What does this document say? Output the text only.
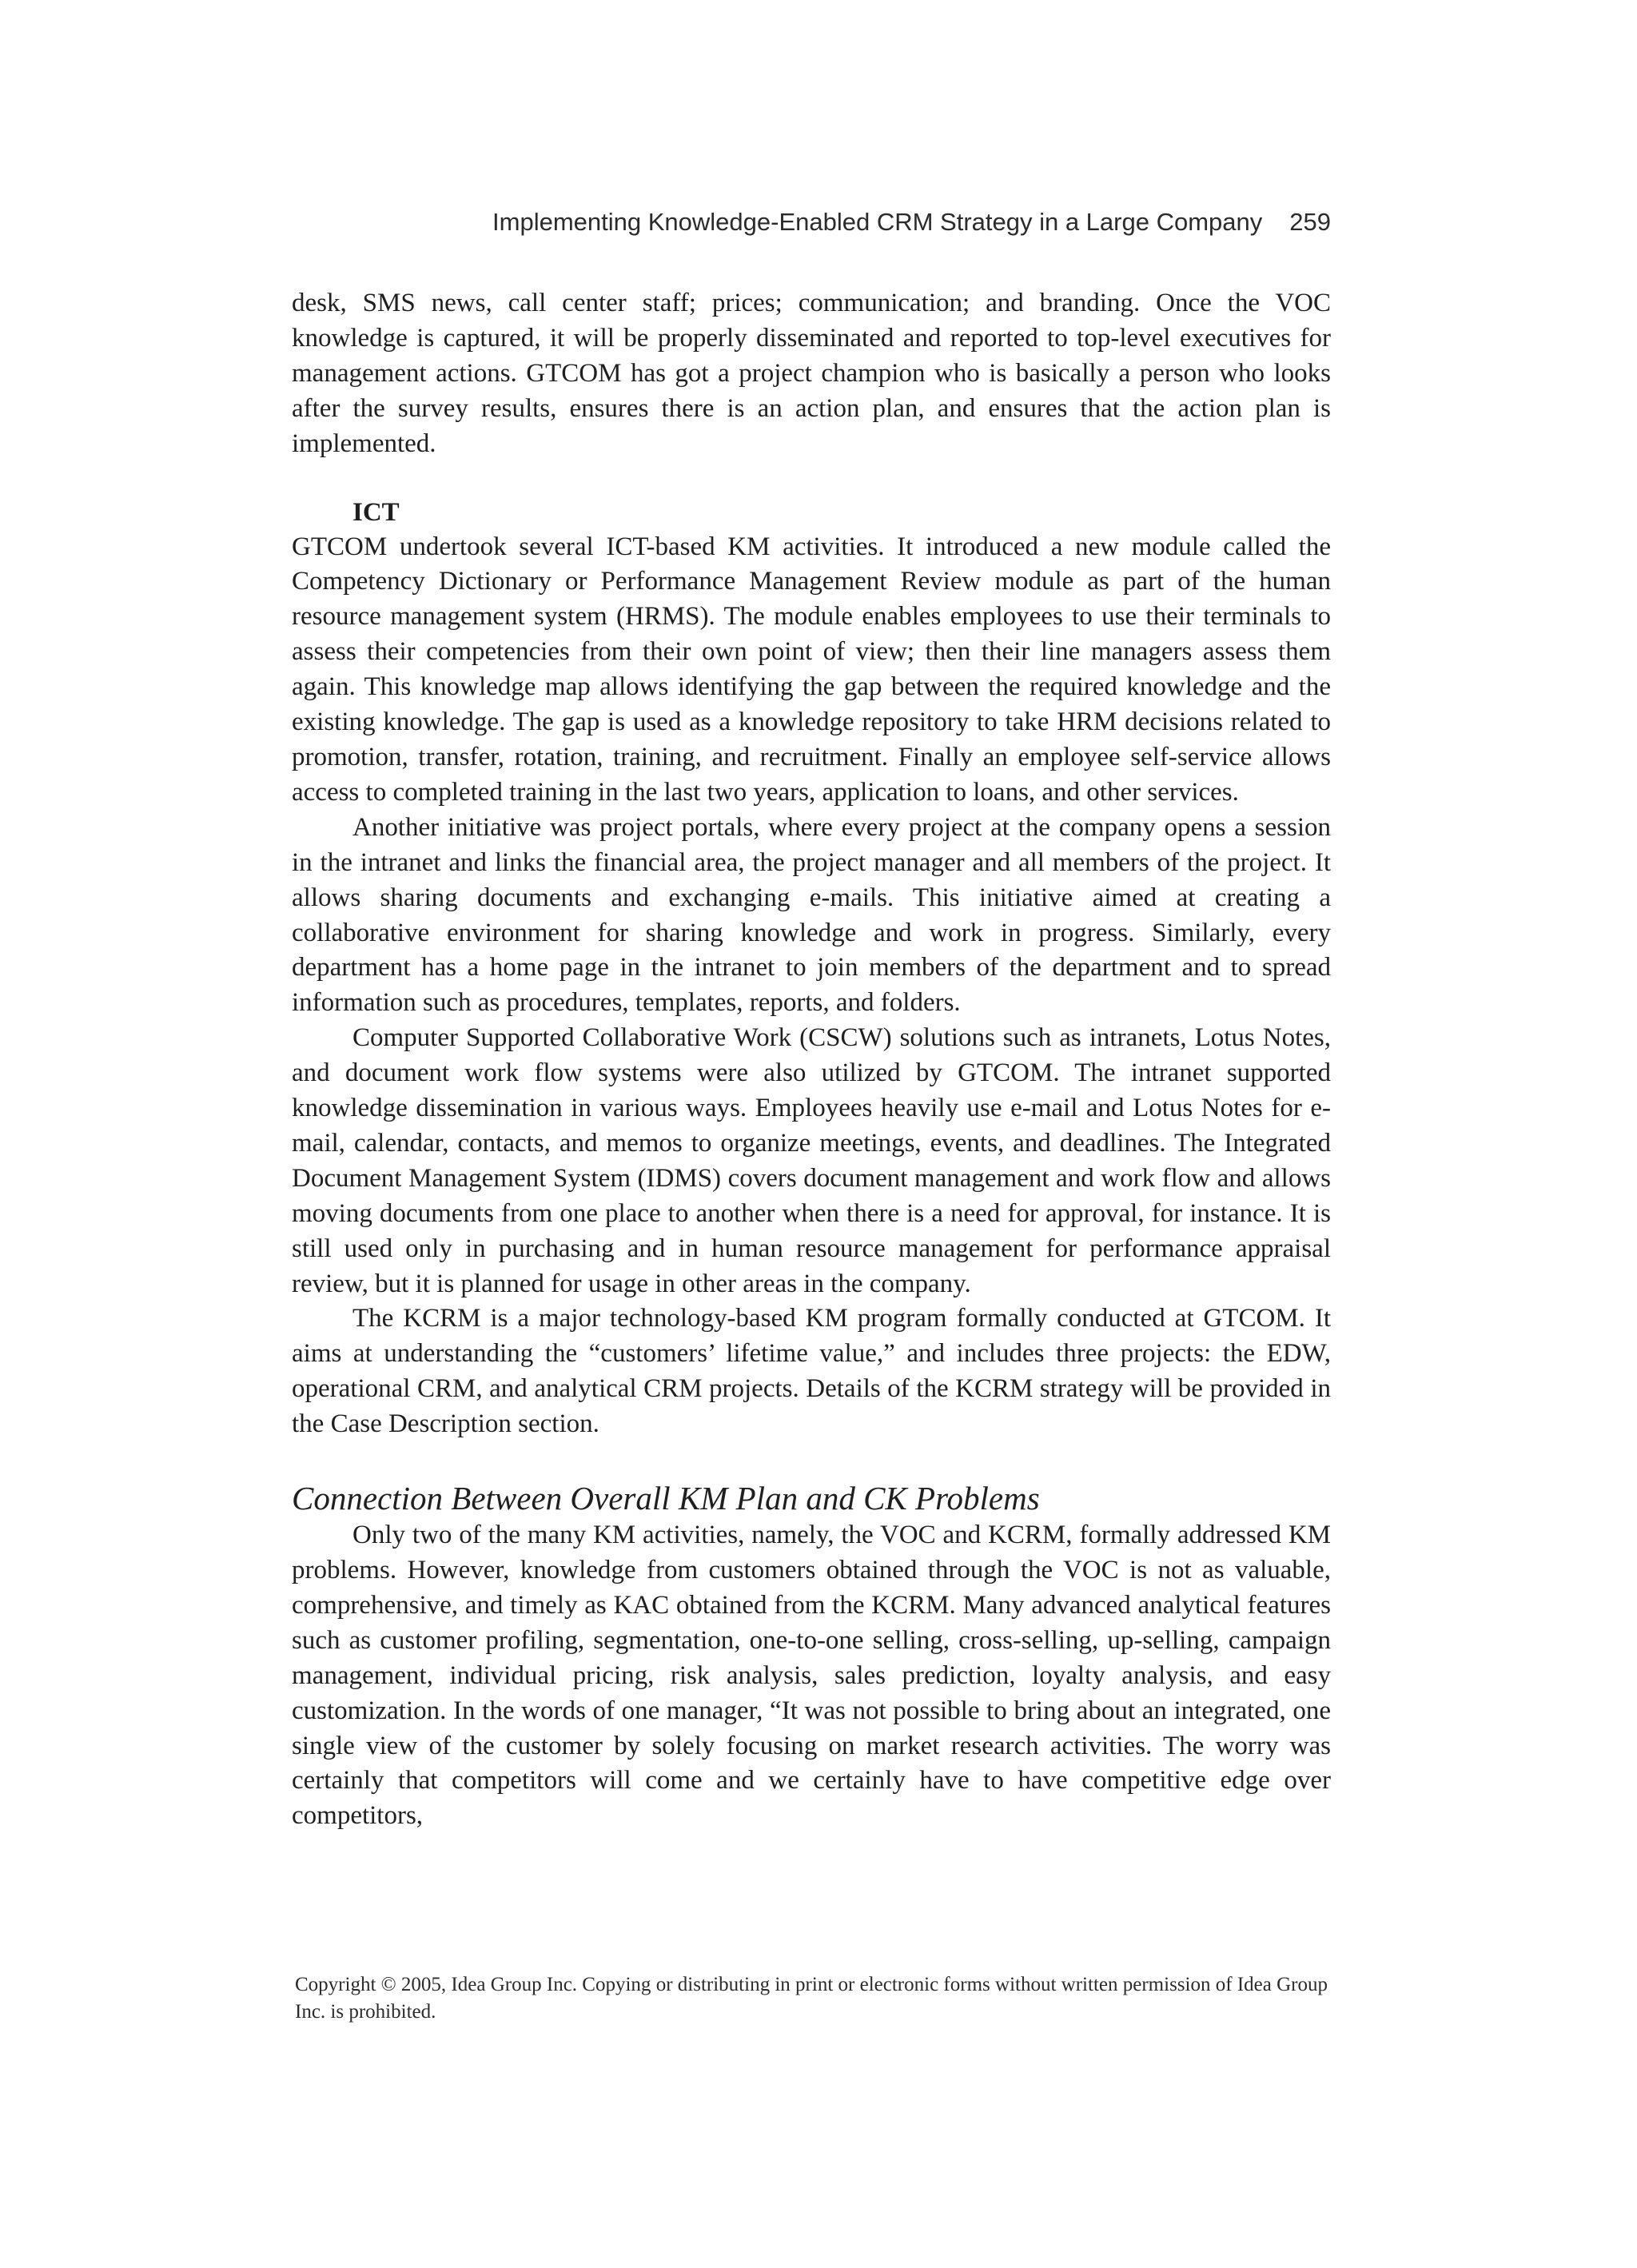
Implementing Knowledge-Enabled CRM Strategy in a Large Company 259

desk, SMS news, call center staff; prices; communication; and branding. Once the VOC knowledge is captured, it will be properly disseminated and reported to top-level executives for management actions. GTCOM has got a project champion who is basically a person who looks after the survey results, ensures there is an action plan, and ensures that the action plan is implemented.

ICT

GTCOM undertook several ICT-based KM activities. It introduced a new module called the Competency Dictionary or Performance Management Review module as part of the human resource management system (HRMS). The module enables employees to use their terminals to assess their competencies from their own point of view; then their line managers assess them again. This knowledge map allows identifying the gap between the required knowledge and the existing knowledge. The gap is used as a knowledge repository to take HRM decisions related to promotion, transfer, rotation, training, and recruitment. Finally an employee self-service allows access to completed training in the last two years, application to loans, and other services.

Another initiative was project portals, where every project at the company opens a session in the intranet and links the financial area, the project manager and all members of the project. It allows sharing documents and exchanging e-mails. This initiative aimed at creating a collaborative environment for sharing knowledge and work in progress. Similarly, every department has a home page in the intranet to join members of the department and to spread information such as procedures, templates, reports, and folders.

Computer Supported Collaborative Work (CSCW) solutions such as intranets, Lotus Notes, and document work flow systems were also utilized by GTCOM. The intranet supported knowledge dissemination in various ways. Employees heavily use e-mail and Lotus Notes for e-mail, calendar, contacts, and memos to organize meetings, events, and deadlines. The Integrated Document Management System (IDMS) covers document management and work flow and allows moving documents from one place to another when there is a need for approval, for instance. It is still used only in purchasing and in human resource management for performance appraisal review, but it is planned for usage in other areas in the company.

The KCRM is a major technology-based KM program formally conducted at GTCOM. It aims at understanding the “customers’ lifetime value,” and includes three projects: the EDW, operational CRM, and analytical CRM projects. Details of the KCRM strategy will be provided in the Case Description section.

Connection Between Overall KM Plan and CK Problems

Only two of the many KM activities, namely, the VOC and KCRM, formally addressed KM problems. However, knowledge from customers obtained through the VOC is not as valuable, comprehensive, and timely as KAC obtained from the KCRM. Many advanced analytical features such as customer profiling, segmentation, one-to-one selling, cross-selling, up-selling, campaign management, individual pricing, risk analysis, sales prediction, loyalty analysis, and easy customization. In the words of one manager, “It was not possible to bring about an integrated, one single view of the customer by solely focusing on market research activities. The worry was certainly that competitors will come and we certainly have to have competitive edge over competitors,

Copyright © 2005, Idea Group Inc. Copying or distributing in print or electronic forms without written permission of Idea Group Inc. is prohibited.
